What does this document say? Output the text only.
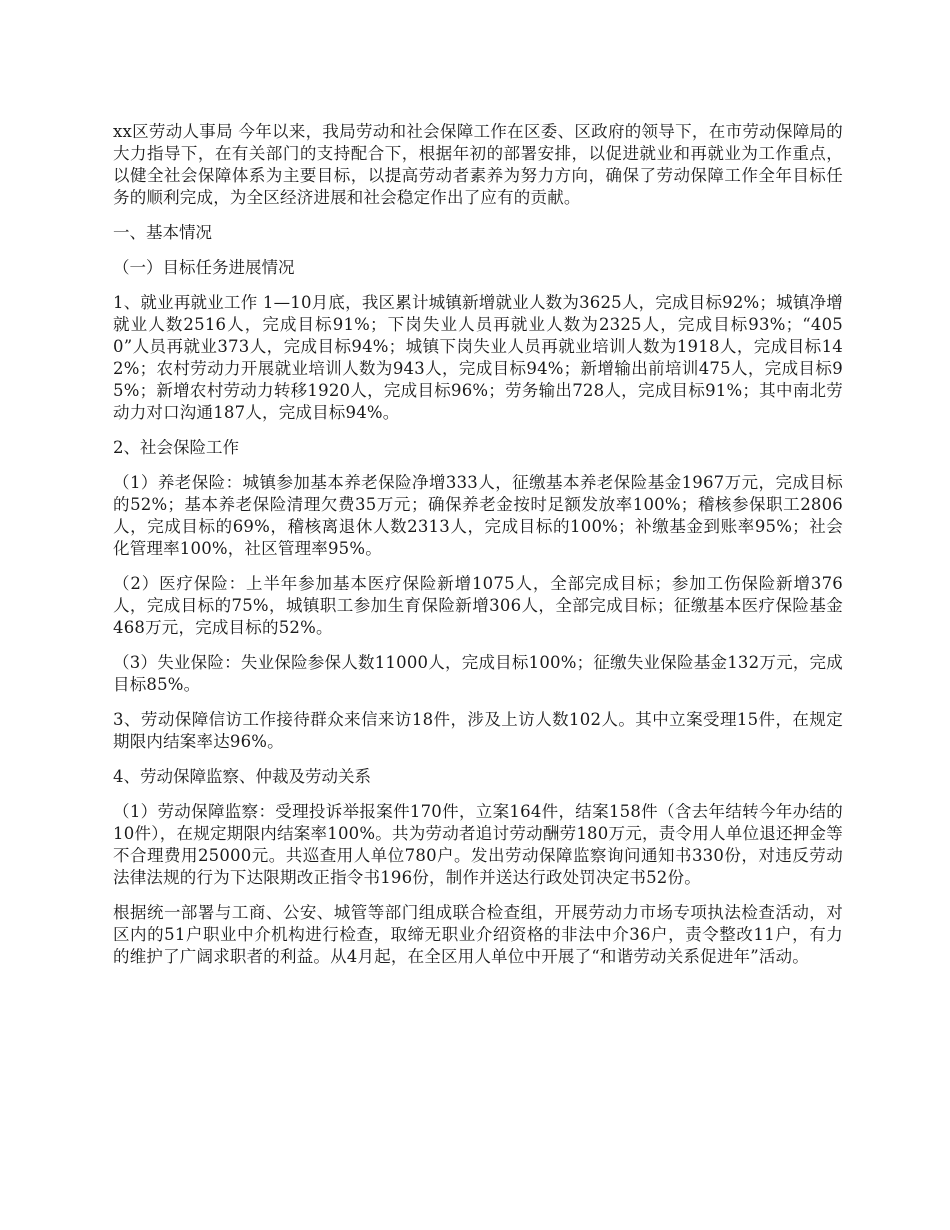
xx区劳动人事局 今年以来，我局劳动和社会保障工作在区委、区政府的领导下，在市劳动保障局的大力指导下，在有关部门的支持配合下，根据年初的部署安排，以促进就业和再就业为工作重点，以健全社会保障体系为主要目标，以提高劳动者素养为努力方向，确保了劳动保障工作全年目标任务的顺利完成，为全区经济进展和社会稳定作出了应有的贡献。

一、基本情况

（一）目标任务进展情况

1、就业再就业工作 1—10月底，我区累计城镇新增就业人数为3625人，完成目标92%；城镇净增就业人数2516人，完成目标91%；下岗失业人员再就业人数为2325人，完成目标93%；“4050”人员再就业373人，完成目标94%；城镇下岗失业人员再就业培训人数为1918人，完成目标142%；农村劳动力开展就业培训人数为943人，完成目标94%；新增输出前培训475人，完成目标95%；新增农村劳动力转移1920人，完成目标96%；劳务输出728人，完成目标91%；其中南北劳动力对口沟通187人，完成目标94%。

2、社会保险工作

（1）养老保险：城镇参加基本养老保险净增333人，征缴基本养老保险基金1967万元，完成目标的52%；基本养老保险清理欠费35万元；确保养老金按时足额发放率100%；稽核参保职工2806人，完成目标的69%，稽核离退休人数2313人，完成目标的100%；补缴基金到账率95%；社会化管理率100%，社区管理率95%。

（2）医疗保险：上半年参加基本医疗保险新增1075人，全部完成目标；参加工伤保险新增376人，完成目标的75%，城镇职工参加生育保险新增306人，全部完成目标；征缴基本医疗保险基金468万元，完成目标的52%。

（3）失业保险：失业保险参保人数11000人，完成目标100%；征缴失业保险基金132万元，完成目标85%。

3、劳动保障信访工作接待群众来信来访18件，涉及上访人数102人。其中立案受理15件，在规定期限内结案率达96%。

4、劳动保障监察、仲裁及劳动关系

（1）劳动保障监察：受理投诉举报案件170件，立案164件，结案158件（含去年结转今年办结的10件），在规定期限内结案率100%。共为劳动者追讨劳动酬劳180万元，责令用人单位退还押金等不合理费用25000元。共巡查用人单位780户。发出劳动保障监察询问通知书330份，对违反劳动法律法规的行为下达限期改正指令书196份，制作并送达行政处罚决定书52份。

根据统一部署与工商、公安、城管等部门组成联合检查组，开展劳动力市场专项执法检查活动，对区内的51户职业中介机构进行检查，取缔无职业介绍资格的非法中介36户，责令整改11户，有力的维护了广阔求职者的利益。从4月起，在全区用人单位中开展了“和谐劳动关系促进年”活动。
